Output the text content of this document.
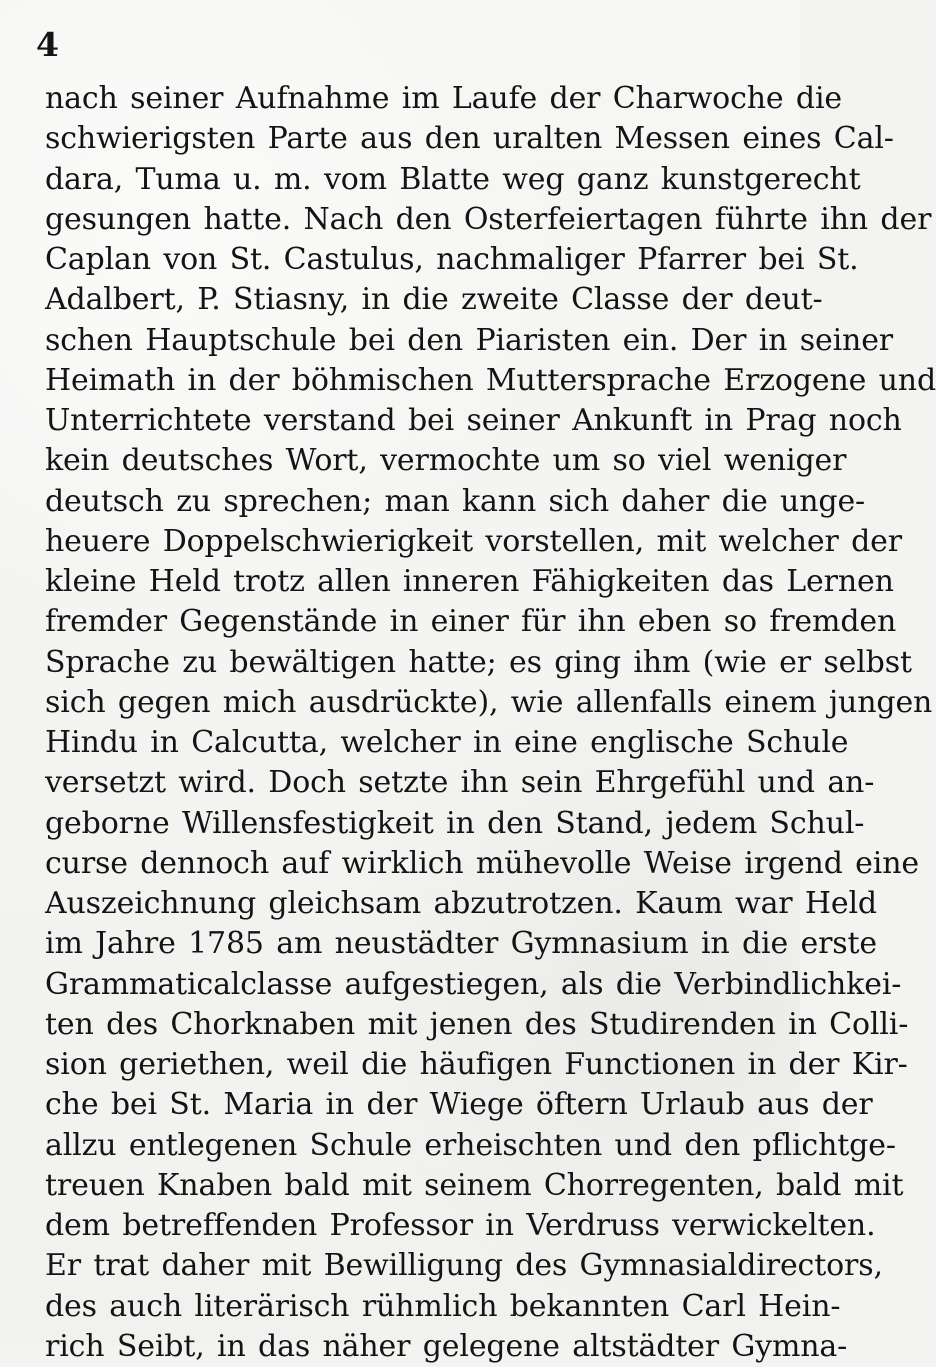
4
nach seiner Aufnahme im Laufe der Charwoche die
schwierigsten Parte aus den uralten Messen eines Cal-
dara, Tuma u. m. vom Blatte weg ganz kunstgerecht
gesungen hatte. Nach den Osterfeiertagen führte ihn der
Caplan von St. Castulus, nachmaliger Pfarrer bei St.
Adalbert, P. Stiasny, in die zweite Classe der deut-
schen Hauptschule bei den Piaristen ein. Der in seiner
Heimath in der böhmischen Muttersprache Erzogene und
Unterrichtete verstand bei seiner Ankunft in Prag noch
kein deutsches Wort, vermochte um so viel weniger
deutsch zu sprechen; man kann sich daher die unge-
heuere Doppelschwierigkeit vorstellen, mit welcher der
kleine Held trotz allen inneren Fähigkeiten das Lernen
fremder Gegenstände in einer für ihn eben so fremden
Sprache zu bewältigen hatte; es ging ihm (wie er selbst
sich gegen mich ausdrückte), wie allenfalls einem jungen
Hindu in Calcutta, welcher in eine englische Schule
versetzt wird. Doch setzte ihn sein Ehrgefühl und an-
geborne Willensfestigkeit in den Stand, jedem Schul-
curse dennoch auf wirklich mühevolle Weise irgend eine
Auszeichnung gleichsam abzutrotzen. Kaum war Held
im Jahre 1785 am neustädter Gymnasium in die erste
Grammaticalclasse aufgestiegen, als die Verbindlichkei-
ten des Chorknaben mit jenen des Studirenden in Colli-
sion geriethen, weil die häufigen Functionen in der Kir-
che bei St. Maria in der Wiege öftern Urlaub aus der
allzu entlegenen Schule erheischten und den pflichtge-
treuen Knaben bald mit seinem Chorregenten, bald mit
dem betreffenden Professor in Verdruss verwickelten.
Er trat daher mit Bewilligung des Gymnasialdirectors,
des auch literärisch rühmlich bekannten Carl Hein-
rich Seibt, in das näher gelegene altstädter Gymna-
